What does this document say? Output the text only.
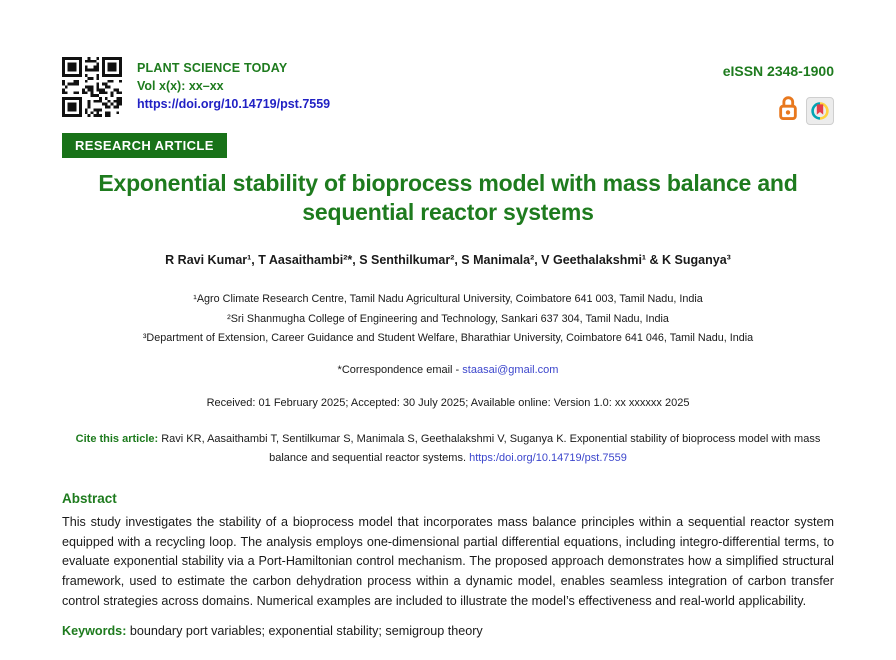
PLANT SCIENCE TODAY
Vol x(x): xx–xx
https://doi.org/10.14719/pst.7559
eISSN 2348-1900
RESEARCH ARTICLE
Exponential stability of bioprocess model with mass balance and sequential reactor systems
R Ravi Kumar¹, T Aasaithambi²*, S Senthilkumar², S Manimala², V Geethalakshmi¹ & K Suganya³
¹Agro Climate Research Centre, Tamil Nadu Agricultural University, Coimbatore 641 003, Tamil Nadu, India
²Sri Shanmugha College of Engineering and Technology, Sankari 637 304, Tamil Nadu, India
³Department of Extension, Career Guidance and Student Welfare, Bharathiar University, Coimbatore 641 046, Tamil Nadu, India
*Correspondence email - staasai@gmail.com
Received: 01 February 2025; Accepted: 30 July 2025; Available online: Version 1.0: xx xxxxxx 2025
Cite this article: Ravi KR, Aasaithambi T, Sentilkumar S, Manimala S, Geethalakshmi V, Suganya K. Exponential stability of bioprocess model with mass balance and sequential reactor systems. https:/doi.org/10.14719/pst.7559
Abstract

This study investigates the stability of a bioprocess model that incorporates mass balance principles within a sequential reactor system equipped with a recycling loop. The analysis employs one-dimensional partial differential equations, including integro-differential terms, to evaluate exponential stability via a Port-Hamiltonian control mechanism. The proposed approach demonstrates how a simplified structural framework, used to estimate the carbon dehydration process within a dynamic model, enables seamless integration of carbon transfer control strategies across domains. Numerical examples are included to illustrate the model’s effectiveness and real-world applicability.

Keywords: boundary port variables; exponential stability; semigroup theory
